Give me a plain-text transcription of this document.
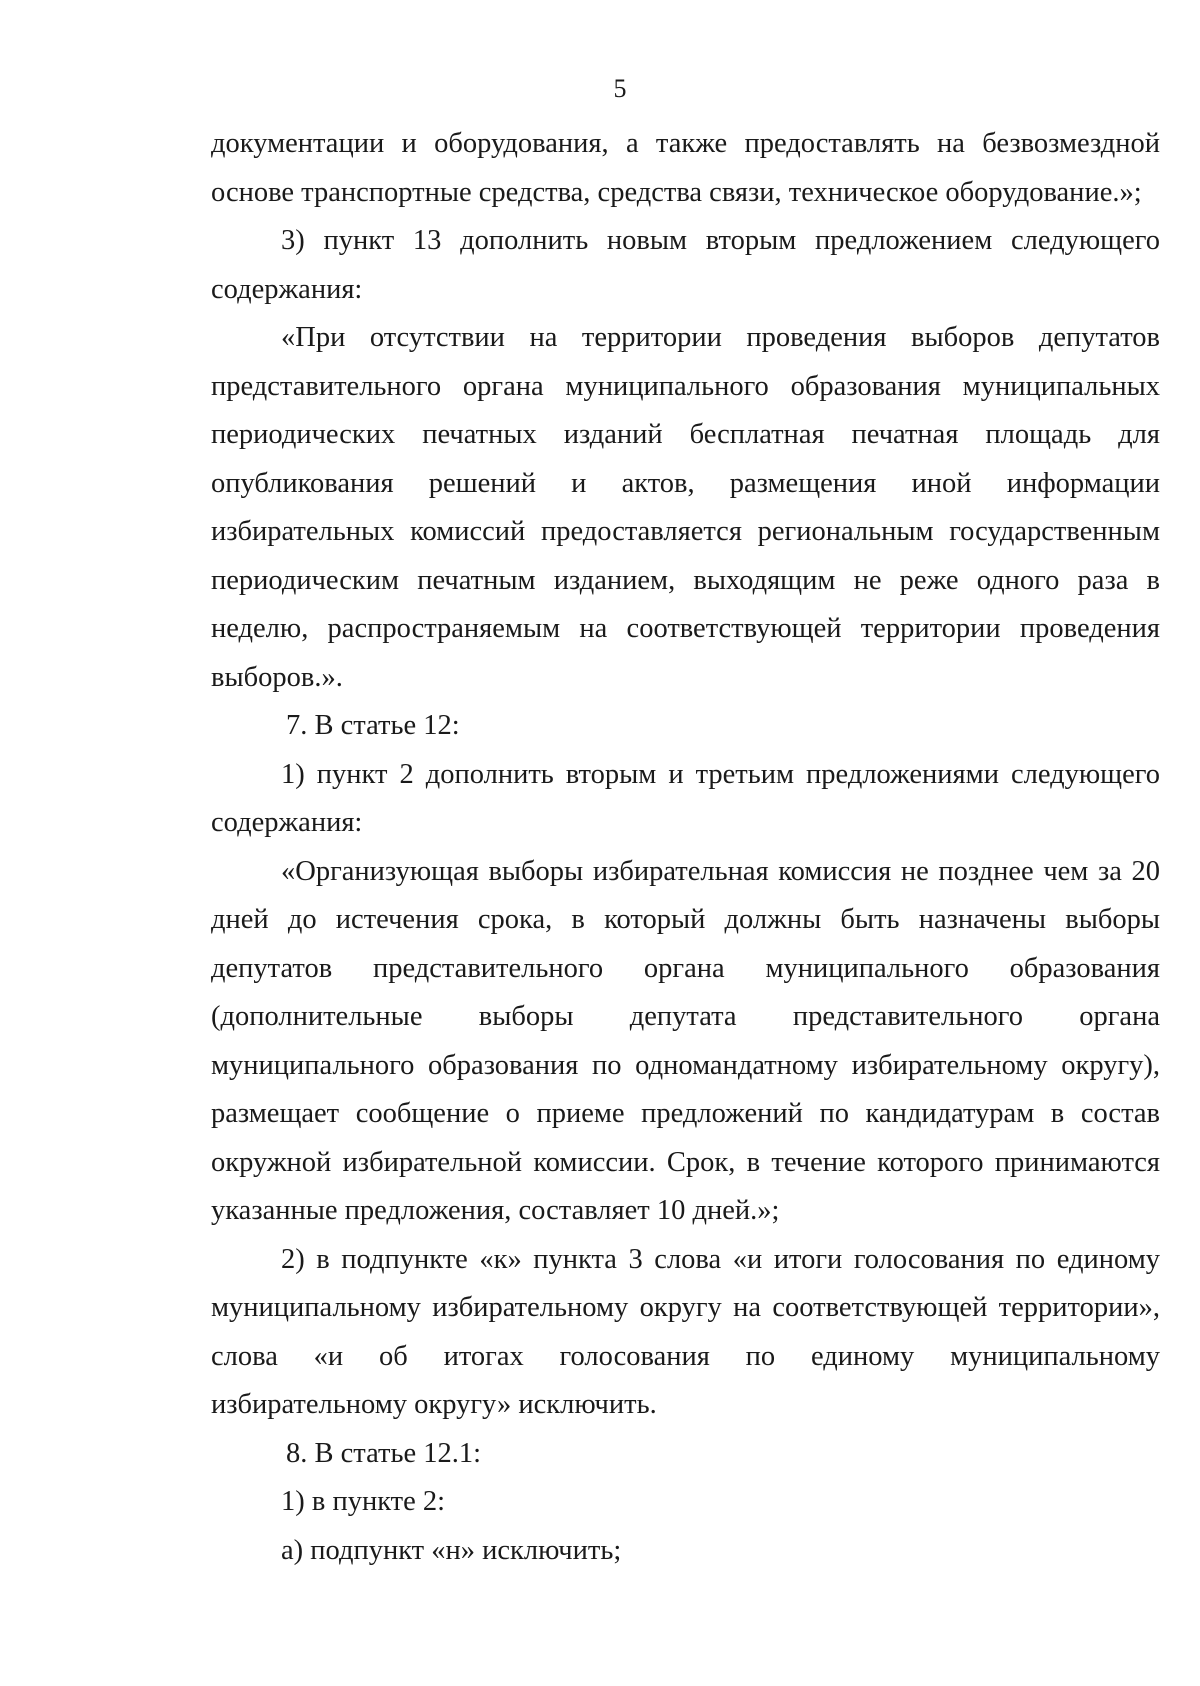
5

документации и оборудования, а также предоставлять на безвозмездной основе транспортные средства, средства связи, техническое оборудование.»;

3) пункт 13 дополнить новым вторым предложением следующего содержания:

«При отсутствии на территории проведения выборов депутатов представительного органа муниципального образования муниципальных периодических печатных изданий бесплатная печатная площадь для опубликования решений и актов, размещения иной информации избирательных комиссий предоставляется региональным государственным периодическим печатным изданием, выходящим не реже одного раза в неделю, распространяемым на соответствующей территории проведения выборов.».

7. В статье 12:

1) пункт 2 дополнить вторым и третьим предложениями следующего содержания:

«Организующая выборы избирательная комиссия не позднее чем за 20 дней до истечения срока, в который должны быть назначены выборы депутатов представительного органа муниципального образования (дополнительные выборы депутата представительного органа муниципального образования по одномандатному избирательному округу), размещает сообщение о приеме предложений по кандидатурам в состав окружной избирательной комиссии. Срок, в течение которого принимаются указанные предложения, составляет 10 дней.»;

2) в подпункте «к» пункта 3 слова «и итоги голосования по единому муниципальному избирательному округу на соответствующей территории», слова «и об итогах голосования по единому муниципальному избирательному округу» исключить.

8. В статье 12.1:

1) в пункте 2:

а) подпункт «н» исключить;
